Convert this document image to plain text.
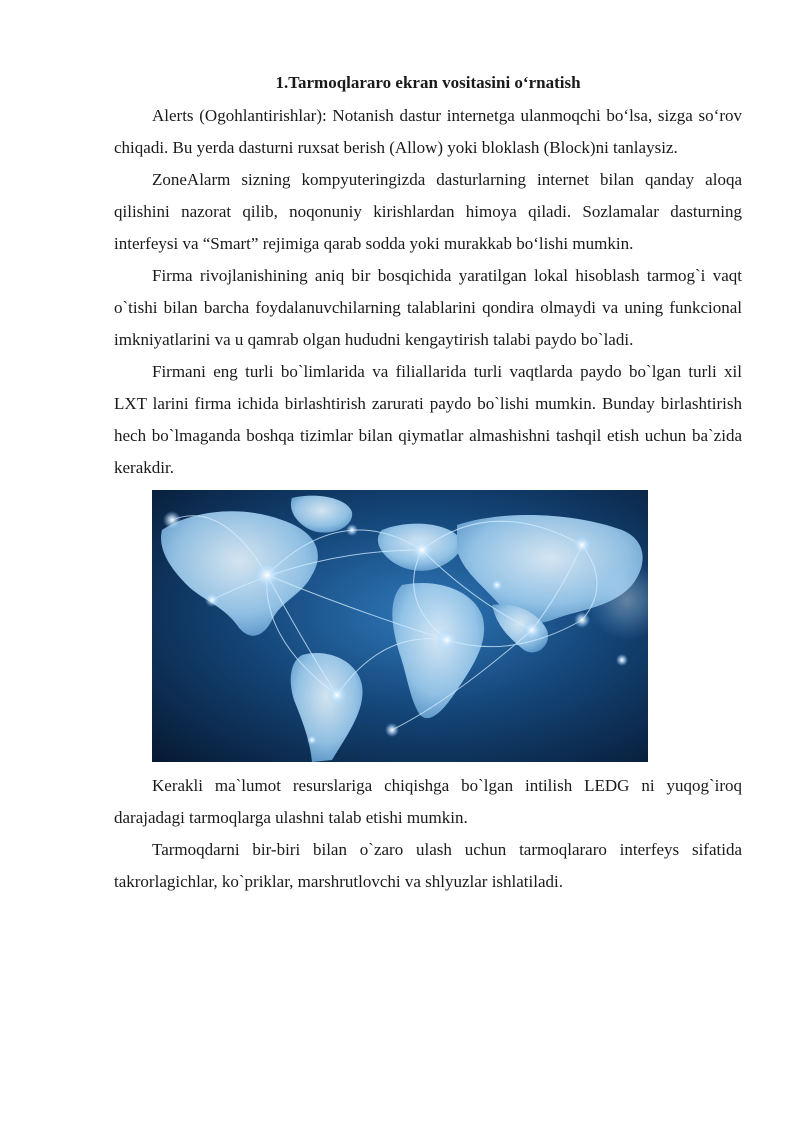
1.Tarmoqlararo ekran vositasini o‘rnatish

Alerts (Ogohlantirishlar): Notanish dastur internetga ulanmoqchi bo‘lsa, sizga so‘rov chiqadi. Bu yerda dasturni ruxsat berish (Allow) yoki bloklash (Block)ni tanlaysiz.

ZoneAlarm sizning kompyuteringizda dasturlarning internet bilan qanday aloqa qilishini nazorat qilib, noqonuniy kirishlardan himoya qiladi. Sozlamalar dasturning interfeysi va “Smart” rejimiga qarab sodda yoki murakkab bo‘lishi mumkin.

Firma rivojlanishining aniq bir bosqichida yaratilgan lokal hisoblash tarmog`i vaqt o`tishi bilan barcha foydalanuvchilarning talablarini qondira olmaydi va uning funkcional imkniyatlarini va u qamrab olgan hududni kengaytirish talabi paydo bo`ladi.

Firmani eng turli bo`limlarida va filiallarida turli vaqtlarda paydo bo`lgan turli xil LXT larini firma ichida birlashtirish zarurati paydo bo`lishi mumkin. Bunday birlashtirish hech bo`lmaganda boshqa tizimlar bilan qiymatlar almashishni tashqil etish uchun ba`zida kerakdir.

Kerakli ma`lumot resurslariga chiqishga bo`lgan intilish LEDG ni yuqog`iroq darajadagi tarmoqlarga ulashni talab etishi mumkin.

Tarmoqdarni bir-biri bilan o`zaro ulash uchun tarmoqlararo interfeys sifatida takrorlagichlar, ko`priklar, marshrutlovchi va shlyuzlar ishlatiladi.
